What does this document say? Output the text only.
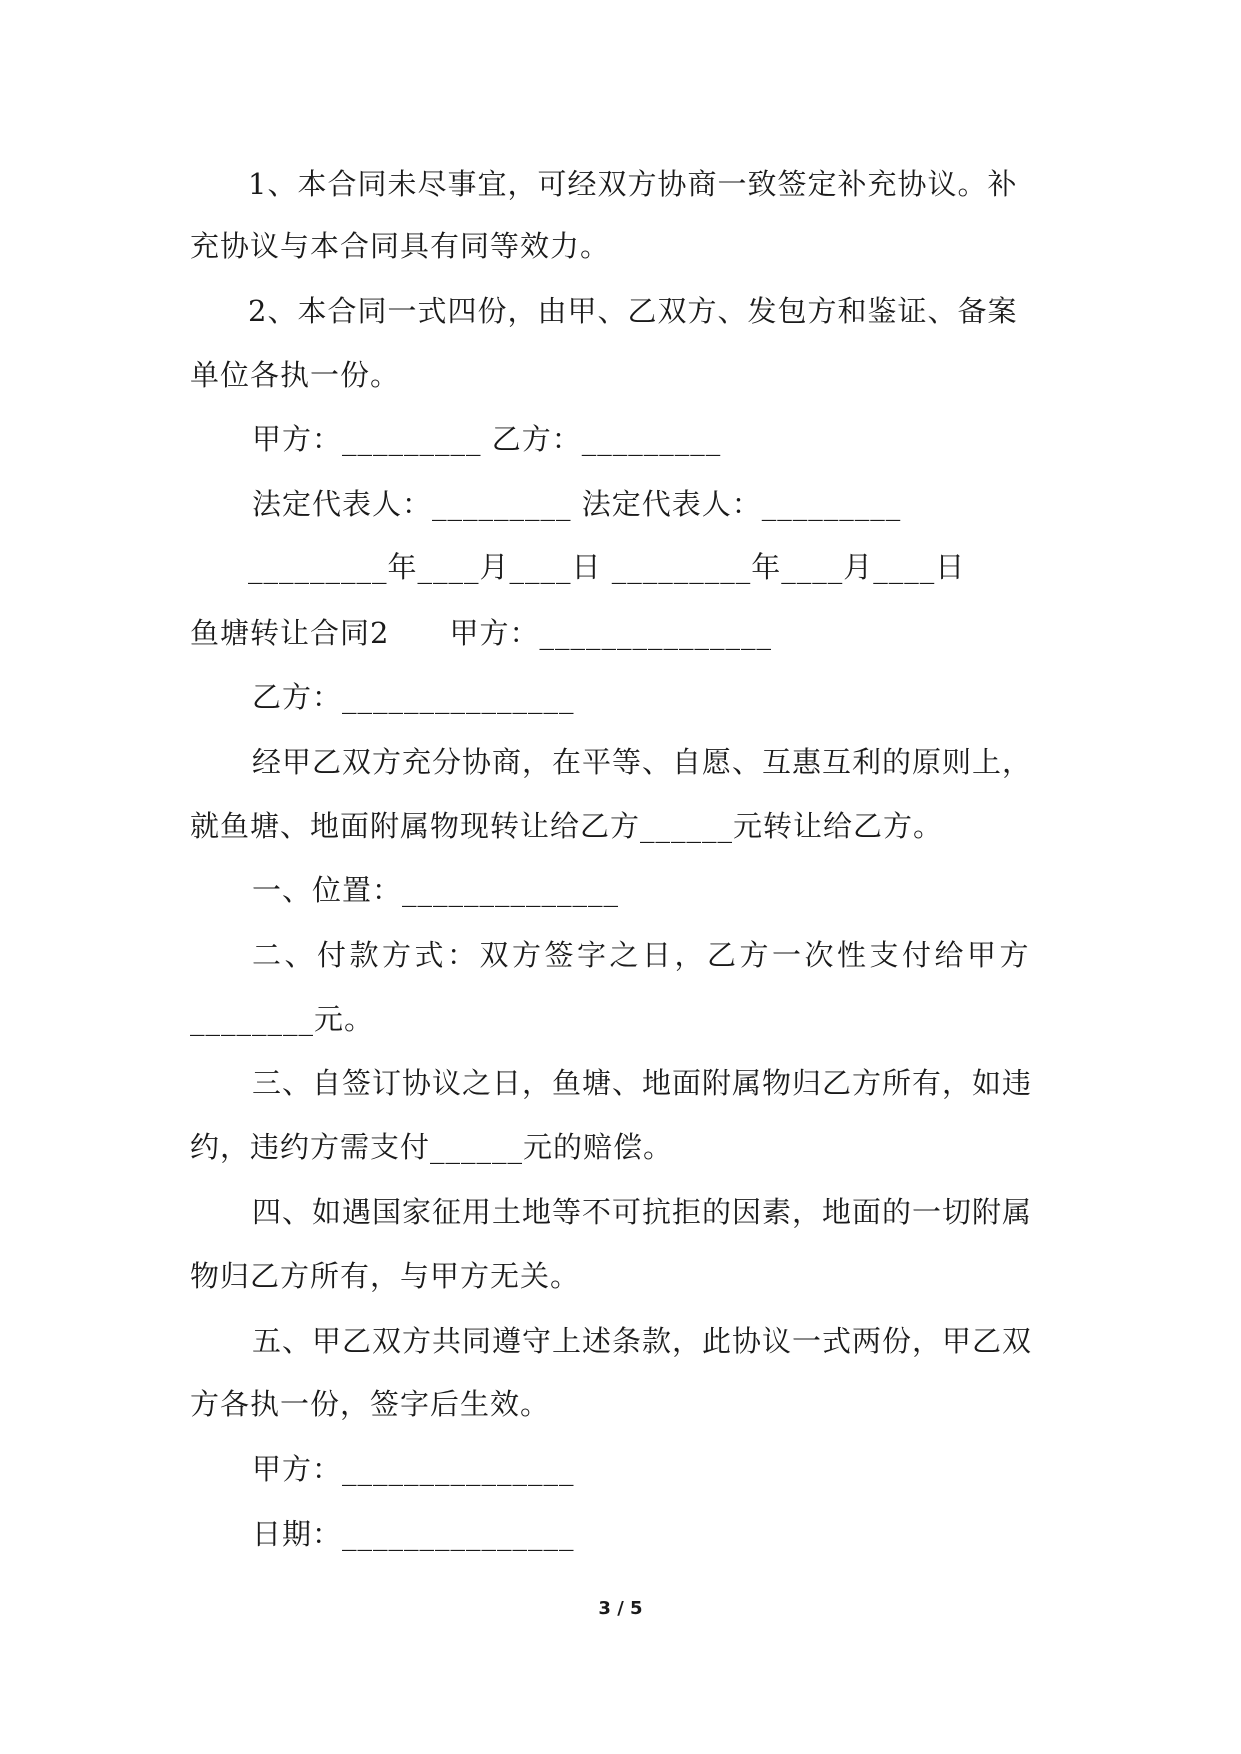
1、本合同未尽事宜，可经双方协商一致签定补充协议。补
充协议与本合同具有同等效力。
2、本合同一式四份，由甲、乙双方、发包方和鉴证、备案
单位各执一份。
甲方：_________ 乙方：_________
法定代表人：_________ 法定代表人：_________
_________年____月____日 _________年____月____日
鱼塘转让合同2　　甲方：_______________
乙方：_______________
经甲乙双方充分协商，在平等、自愿、互惠互利的原则上，
就鱼塘、地面附属物现转让给乙方______元转让给乙方。
一、位置：______________
二、付款方式：双方签字之日，乙方一次性支付给甲方
________元。
三、自签订协议之日，鱼塘、地面附属物归乙方所有，如违
约，违约方需支付______元的赔偿。
四、如遇国家征用土地等不可抗拒的因素，地面的一切附属
物归乙方所有，与甲方无关。
五、甲乙双方共同遵守上述条款，此协议一式两份，甲乙双
方各执一份，签字后生效。
甲方：_______________
日期：_______________
3 / 5
